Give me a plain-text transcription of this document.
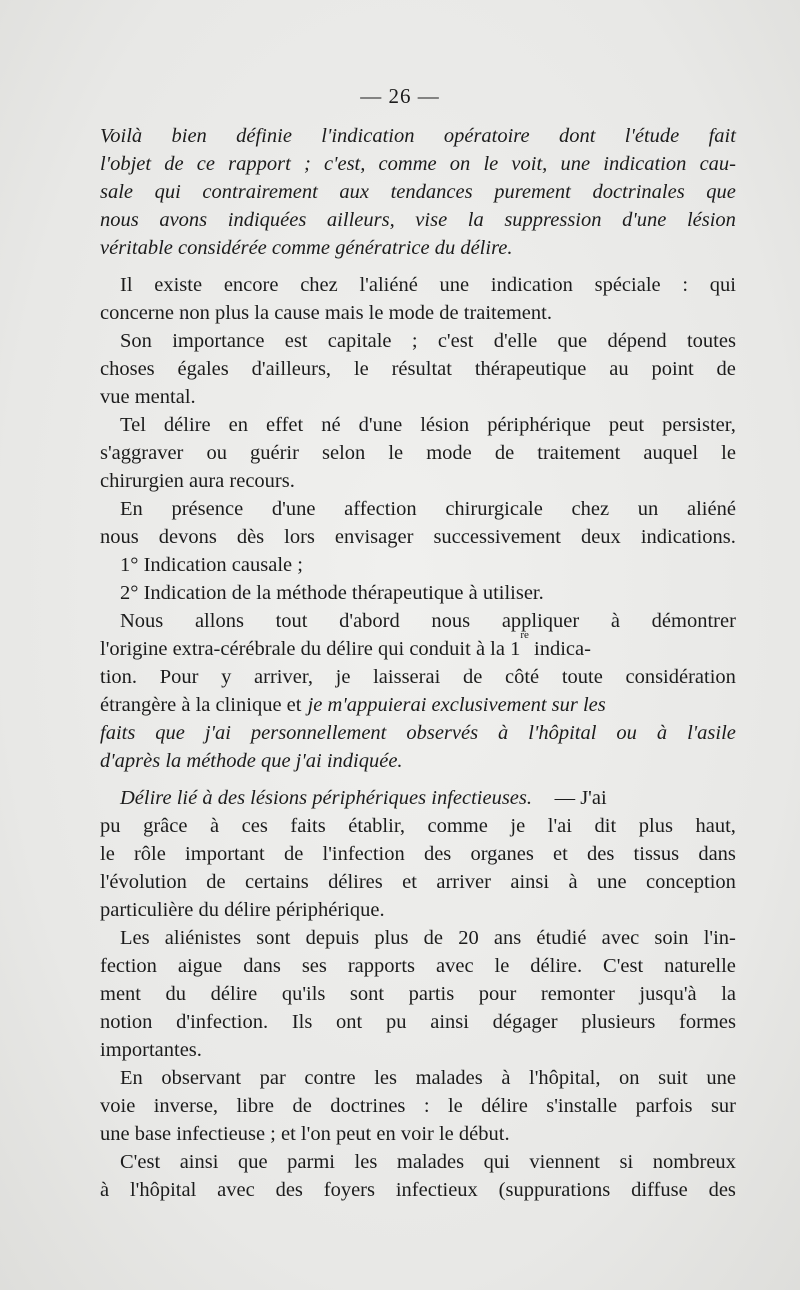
— 26 —
Voilà bien définie l'indication opératoire dont l'étude fait
l'objet de ce rapport ; c'est, comme on le voit, une indication cau-
sale qui contrairement aux tendances purement doctrinales que
nous avons indiquées ailleurs, vise la suppression d'une lésion
véritable considérée comme génératrice du délire.
Il existe encore chez l'aliéné une indication spéciale : qui
concerne non plus la cause mais le mode de traitement.
Son importance est capitale ; c'est d'elle que dépend toutes
choses égales d'ailleurs, le résultat thérapeutique au point de
vue mental.
Tel délire en effet né d'une lésion périphérique peut persister,
s'aggraver ou guérir selon le mode de traitement auquel le
chirurgien aura recours.
En présence d'une affection chirurgicale chez un aliéné
nous devons dès lors envisager successivement deux indications.
1° Indication causale ;
2° Indication de la méthode thérapeutique à utiliser.
Nous allons tout d'abord nous appliquer à démontrer
l'origine extra-cérébrale du délire qui conduit à la 1
re
indica-
tion. Pour y arriver, je laisserai de côté toute considération
étrangère à la clinique et je m'appuierai exclusivement sur les
faits que j'ai personnellement observés à l'hôpital ou à l'asile
d'après la méthode que j'ai indiquée.
Délire lié à des lésions périphériques infectieuses. — J'ai
pu grâce à ces faits établir, comme je l'ai dit plus haut,
le rôle important de l'infection des organes et des tissus dans
l'évolution de certains délires et arriver ainsi à une conception
particulière du délire périphérique.
Les aliénistes sont depuis plus de 20 ans étudié avec soin l'in-
fection aigue dans ses rapports avec le délire. C'est naturelle
ment du délire qu'ils sont partis pour remonter jusqu'à la
notion d'infection. Ils ont pu ainsi dégager plusieurs formes
importantes.
En observant par contre les malades à l'hôpital, on suit une
voie inverse, libre de doctrines : le délire s'installe parfois sur
une base infectieuse ; et l'on peut en voir le début.
C'est ainsi que parmi les malades qui viennent si nombreux
à l'hôpital avec des foyers infectieux (suppurations diffuse des
